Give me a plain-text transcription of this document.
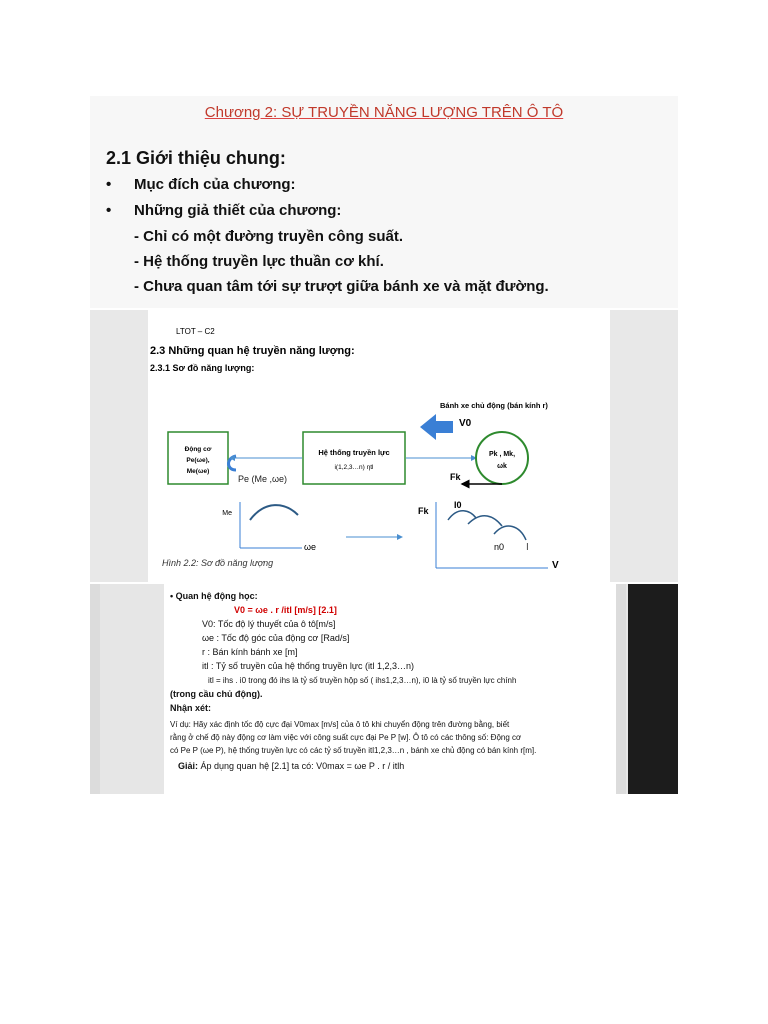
Chương 2: SỰ TRUYỀN NĂNG LƯỢNG TRÊN Ô TÔ
2.1 Giới thiệu chung:
• Mục đích của chương:
• Những giả thiết của chương:
- Chỉ có một đường truyền công suất.
- Hệ thống truyền lực thuần cơ khí.
- Chưa quan tâm tới sự trượt giữa bánh xe và mặt đường.
LTOT – C2
2.3 Những quan hệ truyền năng lượng:
2.3.1 Sơ đồ năng lượng:
Bánh xe chủ động (bán kính r)
V0
Động cơ
Pe(ωe),
Me(ωe)
Pe (Me ,ωe)
Hệ thống truyền lực
i(1,2,3…n) ηtl
Pk , Mk,
ωk
Fk
Me
ωe
Fk
I0
n0 I
V
Hình 2.2: Sơ đồ năng lượng
• Quan hệ động học:
V0 = ωe . r /itl [m/s] [2.1]
V0: Tốc độ lý thuyết của ô tô[m/s]
ωe : Tốc độ góc của động cơ [Rad/s]
r : Bán kính bánh xe [m]
itl : Tỷ số truyền của hệ thống truyền lực (itl 1,2,3…n)
itl = ihs . i0 trong đó ihs là tỷ số truyền hộp số ( ihs1,2,3…n), i0 là tỷ số truyền lực chính
(trong cầu chủ động).
Nhận xét:
Ví dụ: Hãy xác định tốc độ cực đại V0max [m/s] của ô tô khi chuyển động trên đường bằng, biết
rằng ở chế độ này động cơ làm việc với công suất cực đại Pe P [w]. Ô tô có các thông số: Động cơ
có Pe P (ωe P), hệ thống truyền lực có các tỷ số truyền itl1,2,3…n , bánh xe chủ động có bán kính r[m].
Giải: Áp dụng quan hệ [2.1] ta có: V0max = ωe P . r / itlh
